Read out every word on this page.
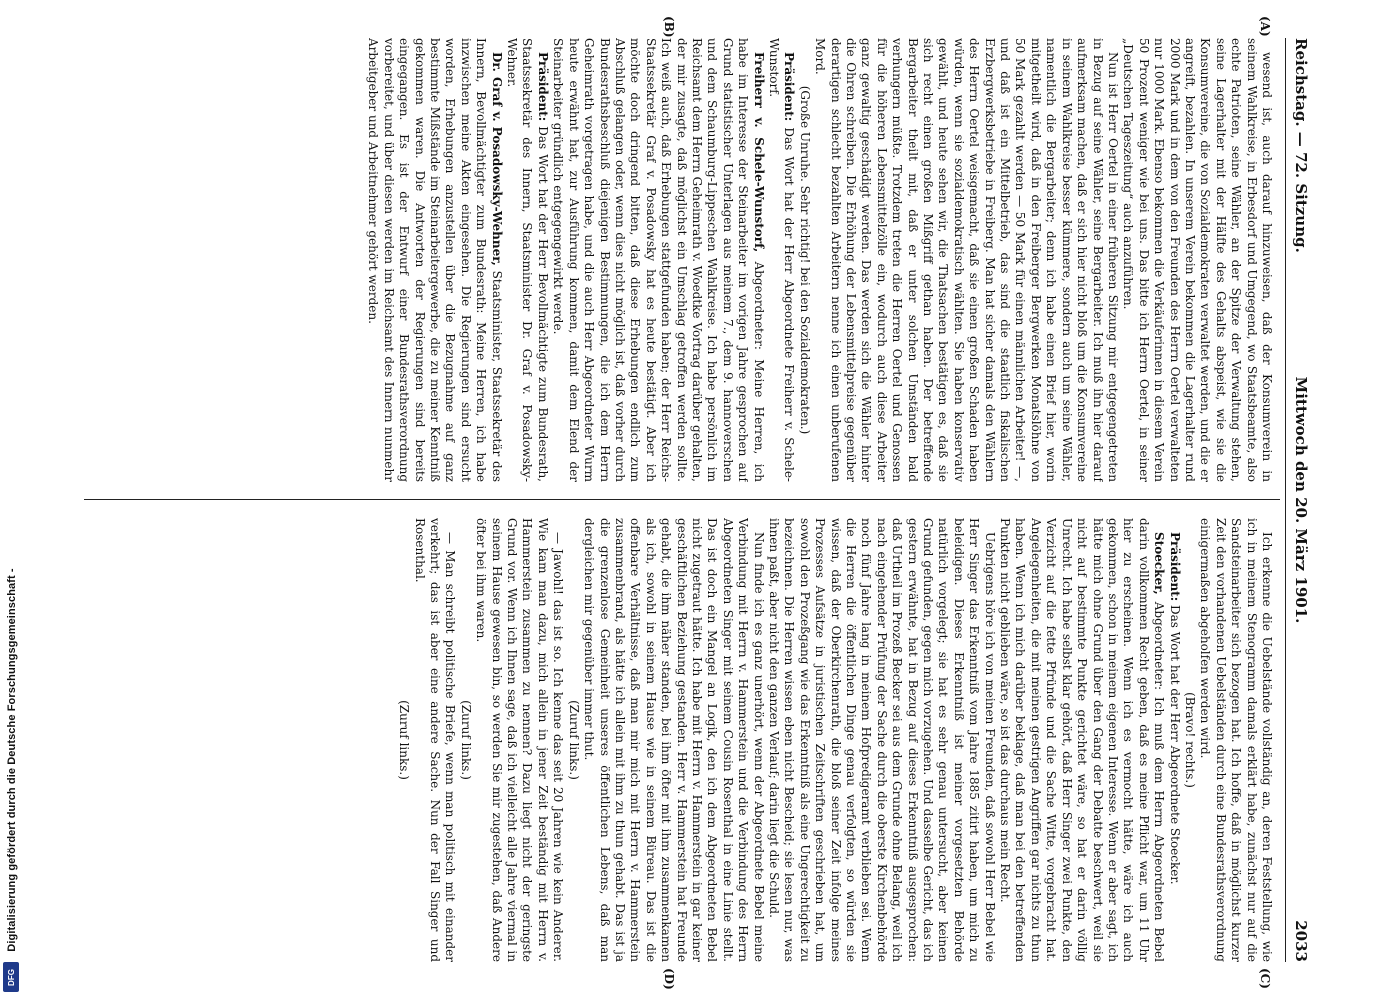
Digitalisierung gefördert durch die Deutsche Forschungsgemeinschaft -
DFG
Reichstag. — 72. Sitzung.
Mittwoch den 20. März 1901.
2033
(A)
(B)
(C)
(D)

wesend ist, auch darauf hinzuweisen, daß der Konsumverein in seinem Wahlkreise, in Erbesdorf und Umgegend, wo Staatsbeamte, also echte Patrioten, seine Wähler, an der Spitze der Verwaltung stehen, seine Lagerhalter mit der Hälfte des Gehalts abspeist, wie sie die Konsumvereine, die von Sozialdemokraten verwaltet werden, und die er angreift, bezahlen. In unserem Verein bekommen die Lagerhalter rund 2000 Mark und in dem von den Freunden des Herrn Oertel verwalteten nur 1000 Mark. Ebenso bekommen die Verkäuferinnen in diesem Verein 50 Prozent weniger wie bei uns. Das bitte ich Herrn Oertel, in seiner „Deutschen Tageszeitung“ auch anzuführen.

Nun ist Herr Oertel in einer früheren Sitzung mir entgegengetreten in Bezug auf seine Wähler, seine Bergarbeiter. Ich muß ihn hier darauf aufmerksam machen, daß er sich hier nicht bloß um die Konsumvereine in seinem Wahlkreise besser kümmere, sondern auch um seine Wähler, namentlich die Bergarbeiter; denn ich habe einen Brief hier, worin mitgetheilt wird, daß in den Freiberger Bergwerken Monatslöhne von 50 Mark gezahlt werden — 50 Mark für einen männlichen Arbeiter! —, und daß ist ein Mittelbetrieb, das sind die staatlich fiskalischen Erzbergwerksbetriebe in Freiberg. Man hat sicher damals den Wählern des Herrn Oertel weisgemacht, daß sie einen großen Schaden haben würden, wenn sie sozialdemokratisch wählten. Sie haben konservativ gewählt, und heute sehen wir, die Thatsachen bestätigen es, daß sie sich recht einen großen Mißgriff gethan haben. Der betreffende Bergarbeiter theilt mit, daß er unter solchen Umständen bald verhungern müßte. Trotzdem treten die Herren Oertel und Genossen für die höheren Lebensmittelzölle ein, wodurch auch diese Arbeiter ganz gewaltig geschädigt werden. Das werden sich die Wähler hinter die Ohren schreiben. Die Erhöhung der Lebensmittelpreise gegenüber derartigen schlecht bezahlten Arbeitern nenne ich einen unberufenen Mord.

(Große Unruhe. Sehr richtig! bei den Sozialdemokraten.)

Präsident: Das Wort hat der Herr Abgeordnete Freiherr v. Schele-Wunstorf.

Freiherr v. Schele-Wunstorf, Abgeordneter: Meine Herren, ich habe im Interesse der Steinarbeiter im vorigen Jahre gesprochen auf Grund statistischer Unterlagen aus meinem 7., dem 9. hannoverschen und dem Schaumburg-Lippeschen Wahlkreise. Ich habe persönlich im Reichsamt dem Herrn Geheimrath v. Woedtke Vortrag darüber gehalten, der mir zusagte, daß möglichst ein Umschlag getroffen werden sollte. Ich weiß auch, daß Erhebungen stattgefunden haben; der Herr Reichs-Staatssekretär Graf v. Posadowsky hat es heute bestätigt. Aber ich möchte doch dringend bitten, daß diese Erhebungen endlich zum Abschluß gelangen oder, wenn dies nicht möglich ist, daß vorher durch Bundesrathsbeschluß diejenigen Bestimmungen, die ich dem Herrn Geheimrath vorgetragen habe, und die auch Herr Abgeordneter Wurm heute erwähnt hat, zur Ausführung kommen, damit dem Elend der Steinarbeiter gründlich entgegengewirkt werde.

Präsident: Das Wort hat der Herr Bevollmächtigte zum Bundesrath, Staatssekretär des Innern, Staatsminister Dr. Graf v. Posadowsky-Wehner.

Dr. Graf v. Posadowsky-Wehner, Staatsminister, Staatssekretär des Innern, Bevollmächtigter zum Bundesrath: Meine Herren, ich habe inzwischen meine Akten eingesehen. Die Regierungen sind ersucht worden, Erhebungen anzustellen über die Bezugnahme auf ganz bestimmte Mißstände im Steinarbeitergewerbe, die zu meiner Kenntniß gekommen waren. Die Antworten der Regierungen sind bereits eingegangen. Es ist der Entwurf einer Bundesrathsverordnung vorbereitet, und über diesen werden im Reichsamt des Innern nunmehr Arbeitgeber und Arbeitnehmer gehört werden.

Ich erkenne die Uebelstände vollständig an, deren Feststellung, wie ich in meinem Stenogramm damals erklärt habe, zunächst nur auf die Sandsteinarbeiter sich bezogen hat. Ich hoffe, daß in möglichst kurzer Zeit den vorhandenen Uebelständen durch eine Bundesrathsverordnung einigermaßen abgeholfen werden wird.

(Bravo! rechts.)

Präsident: Das Wort hat der Herr Abgeordnete Stoecker.

Stoecker, Abgeordneter: Ich muß dem Herrn Abgeordneten Bebel darin vollkommen Recht geben, daß es meine Pflicht war, um 11 Uhr hier zu erscheinen. Wenn ich es vermocht hätte, wäre ich auch gekommen, schon in meinem eigenen Interesse. Wenn er aber sagt, ich hätte mich ohne Grund über den Gang der Debatte beschwert, weil sie nicht auf bestimmte Punkte gerichtet wäre, so hat er darin völlig Unrecht. Ich habe selbst klar gehört, daß Herr Singer zwei Punkte, den Verzicht auf die fette Pfründe und die Sache Witte, vorgebracht hat. Angelegenheiten, die mit meinen gestrigen Angriffen gar nichts zu thun haben. Wenn ich mich darüber beklage, daß man bei den betreffenden Punkten nicht geblieben wäre, so ist das durchaus mein Recht.

Uebrigens höre ich von meinen Freunden, daß sowohl Herr Bebel wie Herr Singer das Erkenntniß vom Jahre 1885 zitirt haben, um mich zu beleidigen. Dieses Erkenntniß ist meiner vorgesetzten Behörde natürlich vorgelegt; sie hat es sehr genau untersucht, aber keinen Grund gefunden, gegen mich vorzugehen. Und dasselbe Gericht, das ich gestern erwähnte, hat in Bezug auf dieses Erkenntniß ausgesprochen: daß Urtheil im Prozeß Becker sei aus dem Grunde ohne Belang, weil ich nach eingehender Prüfung der Sache durch die oberste Kirchenbehörde noch fünf Jahre lang in meinem Hofpredigeramt verblieben sei. Wenn die Herren die öffentlichen Dinge genau verfolgten, so würden sie wissen, daß der Oberkirchenrath, die bloß seiner Zeit infolge meines Prozesses Aufsätze in juristischen Zeitschriften geschrieben hat, um sowohl den Prozeßgang wie das Erkenntniß als eine Ungerechtigkeit zu bezeichnen. Die Herren wissen eben nicht Bescheid; sie lesen nur, was ihnen paßt, aber nicht den ganzen Verlauf; darin liegt die Schuld.

Nun finde ich es ganz unerhört, wenn der Abgeordnete Bebel meine Verbindung mit Herrn v. Hammerstein und die Verbindung des Herrn Abgeordneten Singer mit seinem Cousin Rosenthal in eine Linie stellt. Das ist doch ein Mangel an Logik, den ich dem Abgeordneten Bebel nicht zugetraut hätte. Ich habe mit Herrn v. Hammerstein in gar keiner geschäftlichen Beziehung gestanden. Herr v. Hammerstein hat Freunde gehabt, die ihm näher standen, bei ihm öfter mit ihm zusammenkamen als ich, sowohl in seinem Hause wie in seinem Büreau. Das ist die offenbare Verhältnisse, daß man mir mich mit Herrn v. Hammerstein zusammenbrand, als hätte ich allein mit ihm zu thun gehabt. Das ist ja die grenzenlose Gemeinheit unseres öffentlichen Lebens, daß man dergleichen mir gegenüber immer thut.

(Zuruf links.)

— Jawohl! das ist so. Ich kenne das seit 20 Jahren wie kein Anderer. Wie kam man dazu, mich allein in jener Zeit beständig mit Herrn v. Hammerstein zusammen zu nennen? Dazu liegt nicht der geringste Grund vor. Wenn ich Ihnen sage, daß ich vielleicht alle Jahre viermal in seinem Hause gewesen bin, so werden Sie mir zugestehen, daß Andere öfter bei ihm waren.

(Zuruf links.)

— Man schreibt politische Briefe, wenn man politisch mit einander verkehrt; das ist aber eine andere Sache. Nun der Fall Singer und Rosenthal.

(Zuruf links.)
